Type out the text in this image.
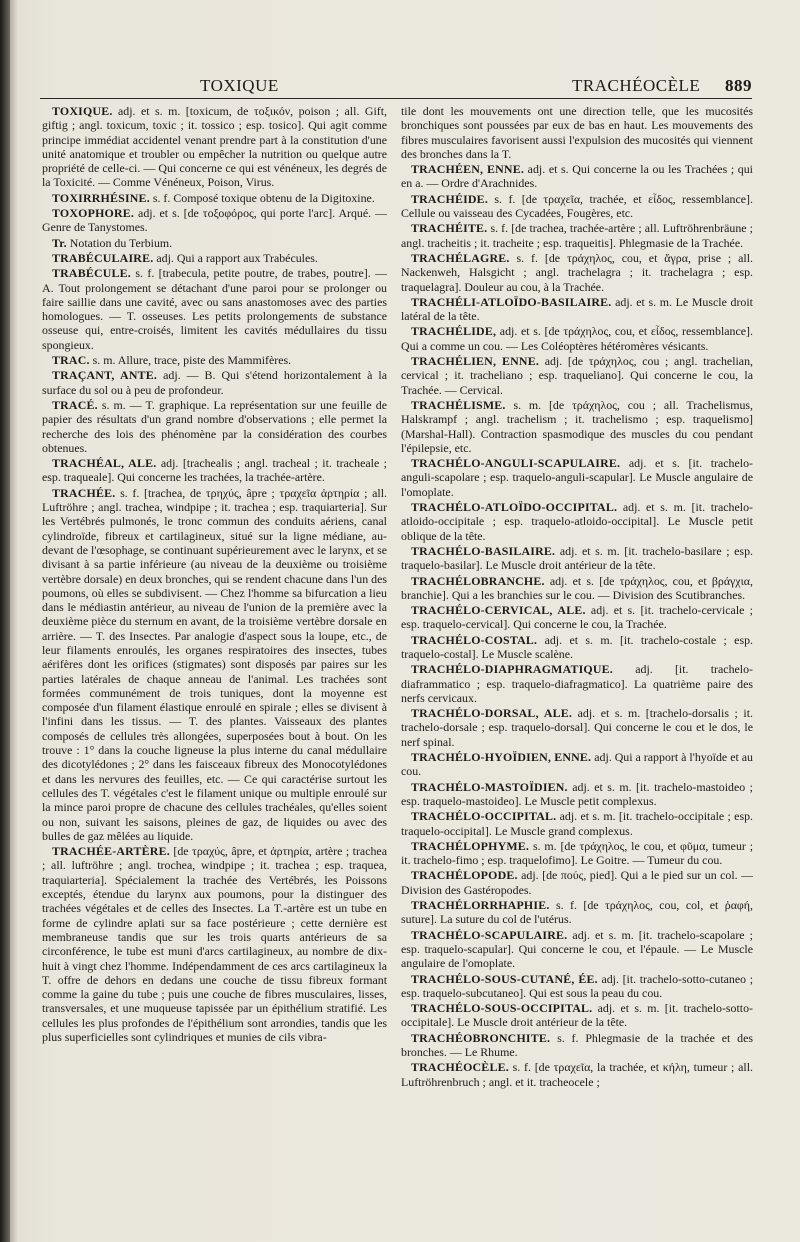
TOXIQUE	TRACHÉOCÈLE 889

TOXIQUE. adj. et s. m. [toxicum, de τοξικόν, poison ; all. Gift, giftig ; angl. toxicum, toxic ; it. tossico ; esp. tosico]. Qui agit comme principe immédiat accidentel venant prendre part à la constitution d'une unité anatomique et troubler ou empêcher la nutrition ou quelque autre propriété de celle-ci. — Qui concerne ce qui est vénéneux, les degrés de la Toxicité. — Comme Vénéneux, Poison, Virus.

TOXIRRHÉSINE. s. f. Composé toxique obtenu de la Digitoxine.

TOXOPHORE. adj. et s. [de τοξοφόρος, qui porte l'arc]. Arqué. — Genre de Tanystomes.

Tr. Notation du Terbium.

TRABÉCULAIRE. adj. Qui a rapport aux Trabécules.

TRABÉCULE. s. f. [trabecula, petite poutre, de trabes, poutre]. — A. Tout prolongement se détachant d'une paroi pour se prolonger ou faire saillie dans une cavité, avec ou sans anastomoses avec des parties homologues. — T. osseuses. Les petits prolongements de substance osseuse qui, entre-croisés, limitent les cavités médullaires du tissu spongieux.

TRAC. s. m. Allure, trace, piste des Mammifères.

TRAÇANT, ANTE. adj. — B. Qui s'étend horizontalement à la surface du sol ou à peu de profondeur.

TRACÉ. s. m. — T. graphique. La représentation sur une feuille de papier des résultats d'un grand nombre d'observations ; elle permet la recherche des lois des phénomène par la considération des courbes obtenues.

TRACHÉAL, ALE. adj. [trachealis ; angl. tracheal ; it. tracheale ; esp. traqueale]. Qui concerne les trachées, la trachée-artère.

TRACHÉE. s. f. [trachea, de τρηχύς, âpre ; τραχεῖα ἀρτηρία ; all. Luftröhre ; angl. trachea, windpipe ; it. trachea ; esp. traquiarteria]. Sur les Vertébrés pulmonés, le tronc commun des conduits aériens, canal cylindroïde, fibreux et cartilagineux, situé sur la ligne médiane, au-devant de l'œsophage, se continuant supérieurement avec le larynx, et se divisant à sa partie inférieure (au niveau de la deuxième ou troisième vertèbre dorsale) en deux bronches, qui se rendent chacune dans l'un des poumons, où elles se subdivisent. — Chez l'homme sa bifurcation a lieu dans le médiastin antérieur, au niveau de l'union de la première avec la deuxième pièce du sternum en avant, de la troisième vertèbre dorsale en arrière. — T. des Insectes. Par analogie d'aspect sous la loupe, etc., de leur filaments enroulés, les organes respiratoires des insectes, tubes aérifères dont les orifices (stigmates) sont disposés par paires sur les parties latérales de chaque anneau de l'animal. Les trachées sont formées communément de trois tuniques, dont la moyenne est composée d'un filament élastique enroulé en spirale ; elles se divisent à l'infini dans les tissus. — T. des plantes. Vaisseaux des plantes composés de cellules très allongées, superposées bout à bout. On les trouve : 1° dans la couche ligneuse la plus interne du canal médullaire des dicotylédones ; 2° dans les faisceaux fibreux des Monocotylédones et dans les nervures des feuilles, etc. — Ce qui caractérise surtout les cellules des T. végétales c'est le filament unique ou multiple enroulé sur la mince paroi propre de chacune des cellules trachéales, qu'elles soient ou non, suivant les saisons, pleines de gaz, de liquides ou avec des bulles de gaz mêlées au liquide.

TRACHÉE-ARTÈRE. [de τραχύς, âpre, et ἀρτηρία, artère ; trachea ; all. luftröhre ; angl. trochea, windpipe ; it. trachea ; esp. traquea, traquiarteria]. Spécialement la trachée des Vertébrés, les Poissons exceptés, étendue du larynx aux poumons, pour la distinguer des trachées végétales et de celles des Insectes. La T.-artère est un tube en forme de cylindre aplati sur sa face postérieure ; cette dernière est membraneuse tandis que sur les trois quarts antérieurs de sa circonférence, le tube est muni d'arcs cartilagineux, au nombre de dix-huit à vingt chez l'homme. Indépendamment de ces arcs cartilagineux la T. offre de dehors en dedans une couche de tissu fibreux formant comme la gaine du tube ; puis une couche de fibres musculaires, lisses, transversales, et une muqueuse tapissée par un épithélium stratifié. Les cellules les plus profondes de l'épithélium sont arrondies, tandis que les plus superficielles sont cylindriques et munies de cils vibra-

tile dont les mouvements ont une direction telle, que les mucosités bronchiques sont poussées par eux de bas en haut. Les mouvements des fibres musculaires favorisent aussi l'expulsion des mucosités qui viennent des bronches dans la T.

TRACHÉEN, ENNE. adj. et s. Qui concerne la ou les Trachées ; qui en a. — Ordre d'Arachnides.

TRACHÉIDE. s. f. [de τραχεῖα, trachée, et εἶδος, ressemblance]. Cellule ou vaisseau des Cycadées, Fougères, etc.

TRACHÉITE. s. f. [de trachea, trachée-artère ; all. Luftröhrenbräune ; angl. tracheitis ; it. tracheite ; esp. traqueitis]. Phlegmasie de la Trachée.

TRACHÉLAGRE. s. f. [de τράχηλος, cou, et ἄγρα, prise ; all. Nackenweh, Halsgicht ; angl. trachelagra ; it. trachelagra ; esp. traquelagra]. Douleur au cou, à la Trachée.

TRACHÉLI-ATLOÏDO-BASILAIRE. adj. et s. m. Le Muscle droit latéral de la tête.

TRACHÉLIDE, adj. et s. [de τράχηλος, cou, et εἶδος, ressemblance]. Qui a comme un cou. — Les Coléoptères hétéromères vésicants.

TRACHÉLIEN, ENNE. adj. [de τράχηλος, cou ; angl. trachelian, cervical ; it. tracheliano ; esp. traqueliano]. Qui concerne le cou, la Trachée. — Cervical.

TRACHÉLISME. s. m. [de τράχηλος, cou ; all. Trachelismus, Halskrampf ; angl. trachelism ; it. trachelismo ; esp. traquelismo] (Marshal-Hall). Contraction spasmodique des muscles du cou pendant l'épilepsie, etc.

TRACHÉLO-ANGULI-SCAPULAIRE. adj. et s. [it. trachelo-anguli-scapolare ; esp. traquelo-anguli-scapular]. Le Muscle angulaire de l'omoplate.

TRACHÉLO-ATLOÏDO-OCCIPITAL. adj. et s. m. [it. trachelo-atloido-occipitale ; esp. traquelo-atloido-occipital]. Le Muscle petit oblique de la tête.

TRACHÉLO-BASILAIRE. adj. et s. m. [it. trachelo-basilare ; esp. traquelo-basilar]. Le Muscle droit antérieur de la tête.

TRACHÉLOBRANCHE. adj. et s. [de τράχηλος, cou, et βράγχια, branchie]. Qui a les branchies sur le cou. — Division des Scutibranches.

TRACHÉLO-CERVICAL, ALE. adj. et s. [it. trachelo-cervicale ; esp. traquelo-cervical]. Qui concerne le cou, la Trachée.

TRACHÉLO-COSTAL. adj. et s. m. [it. trachelo-costale ; esp. traquelo-costal]. Le Muscle scalène.

TRACHÉLO-DIAPHRAGMATIQUE. adj. [it. trachelo-diaframmatico ; esp. traquelo-diafragmatico]. La quatrième paire des nerfs cervicaux.

TRACHÉLO-DORSAL, ALE. adj. et s. m. [trachelo-dorsalis ; it. trachelo-dorsale ; esp. traquelo-dorsal]. Qui concerne le cou et le dos, le nerf spinal.

TRACHÉLO-HYOÏDIEN, ENNE. adj. Qui a rapport à l'hyoïde et au cou.

TRACHÉLO-MASTOÏDIEN. adj. et s. m. [it. trachelo-mastoideo ; esp. traquelo-mastoideo]. Le Muscle petit complexus.

TRACHÉLO-OCCIPITAL. adj. et s. m. [it. trachelo-occipitale ; esp. traquelo-occipital]. Le Muscle grand complexus.

TRACHÉLOPHYME. s. m. [de τράχηλος, le cou, et φῦμα, tumeur ; it. trachelo-fimo ; esp. traquelofimo]. Le Goitre. — Tumeur du cou.

TRACHÉLOPODE. adj. [de πούς, pied]. Qui a le pied sur un col. — Division des Gastéropodes.

TRACHÉLORRHAPHIE. s. f. [de τράχηλος, cou, col, et ῥαφή, suture]. La suture du col de l'utérus.

TRACHÉLO-SCAPULAIRE. adj. et s. m. [it. trachelo-scapolare ; esp. traquelo-scapular]. Qui concerne le cou, et l'épaule. — Le Muscle angulaire de l'omoplate.

TRACHÉLO-SOUS-CUTANÉ, ÉE. adj. [it. trachelo-sotto-cutaneo ; esp. traquelo-subcutaneo]. Qui est sous la peau du cou.

TRACHÉLO-SOUS-OCCIPITAL. adj. et s. m. [it. trachelo-sotto-occipitale]. Le Muscle droit antérieur de la tête.

TRACHÉOBRONCHITE. s. f. Phlegmasie de la trachée et des bronches. — Le Rhume.

TRACHÉOCÈLE. s. f. [de τραχεῖα, la trachée, et κήλη, tumeur ; all. Luftröhrenbruch ; angl. et it. tracheocele ;
